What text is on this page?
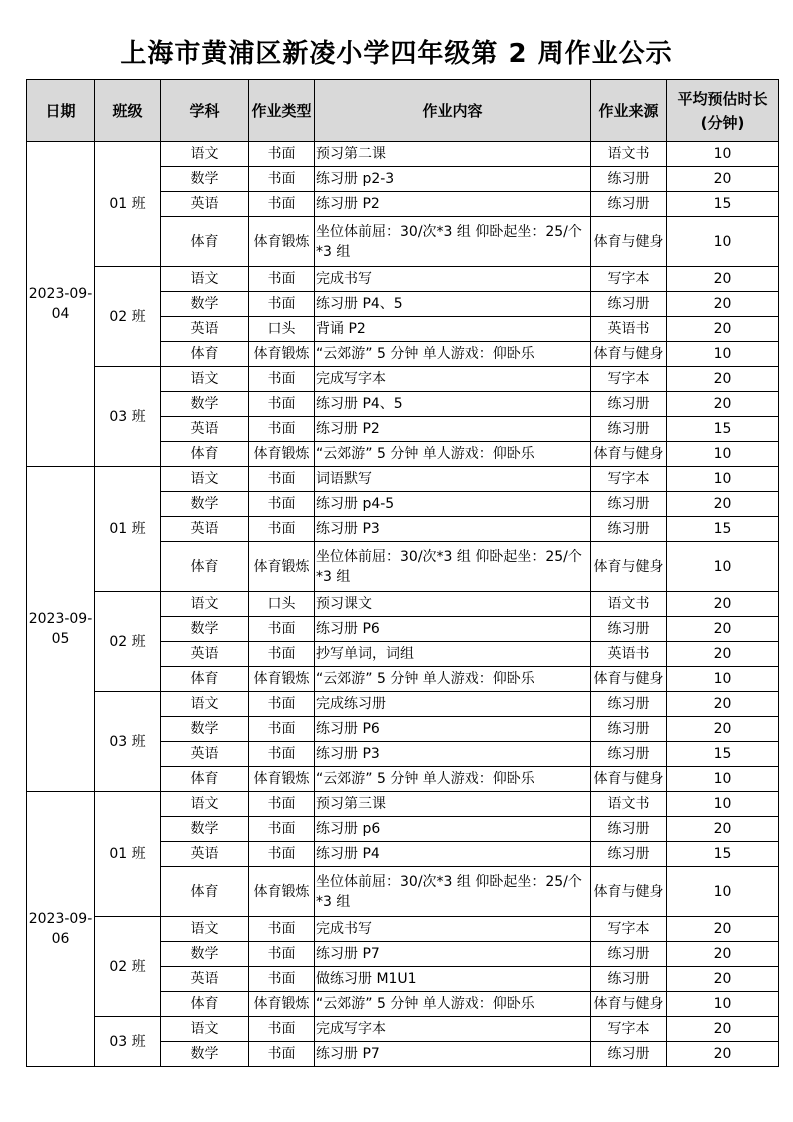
上海市黄浦区新凌小学四年级第 2 周作业公示
日期	班级	学科	作业类型	作业内容	作业来源	平均预估时长(分钟)
2023-09-04	01 班	语文	书面	预习第二课	语文书	10
		数学	书面	练习册 p2-3	练习册	20
		英语	书面	练习册 P2	练习册	15
		体育	体育锻炼	坐位体前屈：30/次*3 组 仰卧起坐：25/个*3 组	体育与健身	10
	02 班	语文	书面	完成书写	写字本	20
		数学	书面	练习册 P4、5	练习册	20
		英语	口头	背诵 P2	英语书	20
		体育	体育锻炼	“云郊游” 5 分钟 单人游戏：仰卧乐	体育与健身	10
	03 班	语文	书面	完成写字本	写字本	20
		数学	书面	练习册 P4、5	练习册	20
		英语	书面	练习册 P2	练习册	15
		体育	体育锻炼	“云郊游” 5 分钟 单人游戏：仰卧乐	体育与健身	10
2023-09-05	01 班	语文	书面	词语默写	写字本	10
		数学	书面	练习册 p4-5	练习册	20
		英语	书面	练习册 P3	练习册	15
		体育	体育锻炼	坐位体前屈：30/次*3 组 仰卧起坐：25/个*3 组	体育与健身	10
	02 班	语文	口头	预习课文	语文书	20
		数学	书面	练习册 P6	练习册	20
		英语	书面	抄写单词，词组	英语书	20
		体育	体育锻炼	“云郊游” 5 分钟 单人游戏：仰卧乐	体育与健身	10
	03 班	语文	书面	完成练习册	练习册	20
		数学	书面	练习册 P6	练习册	20
		英语	书面	练习册 P3	练习册	15
		体育	体育锻炼	“云郊游” 5 分钟 单人游戏：仰卧乐	体育与健身	10
2023-09-06	01 班	语文	书面	预习第三课	语文书	10
		数学	书面	练习册 p6	练习册	20
		英语	书面	练习册 P4	练习册	15
		体育	体育锻炼	坐位体前屈：30/次*3 组 仰卧起坐：25/个*3 组	体育与健身	10
	02 班	语文	书面	完成书写	写字本	20
		数学	书面	练习册 P7	练习册	20
		英语	书面	做练习册 M1U1	练习册	20
		体育	体育锻炼	“云郊游” 5 分钟 单人游戏：仰卧乐	体育与健身	10
	03 班	语文	书面	完成写字本	写字本	20
		数学	书面	练习册 P7	练习册	20
